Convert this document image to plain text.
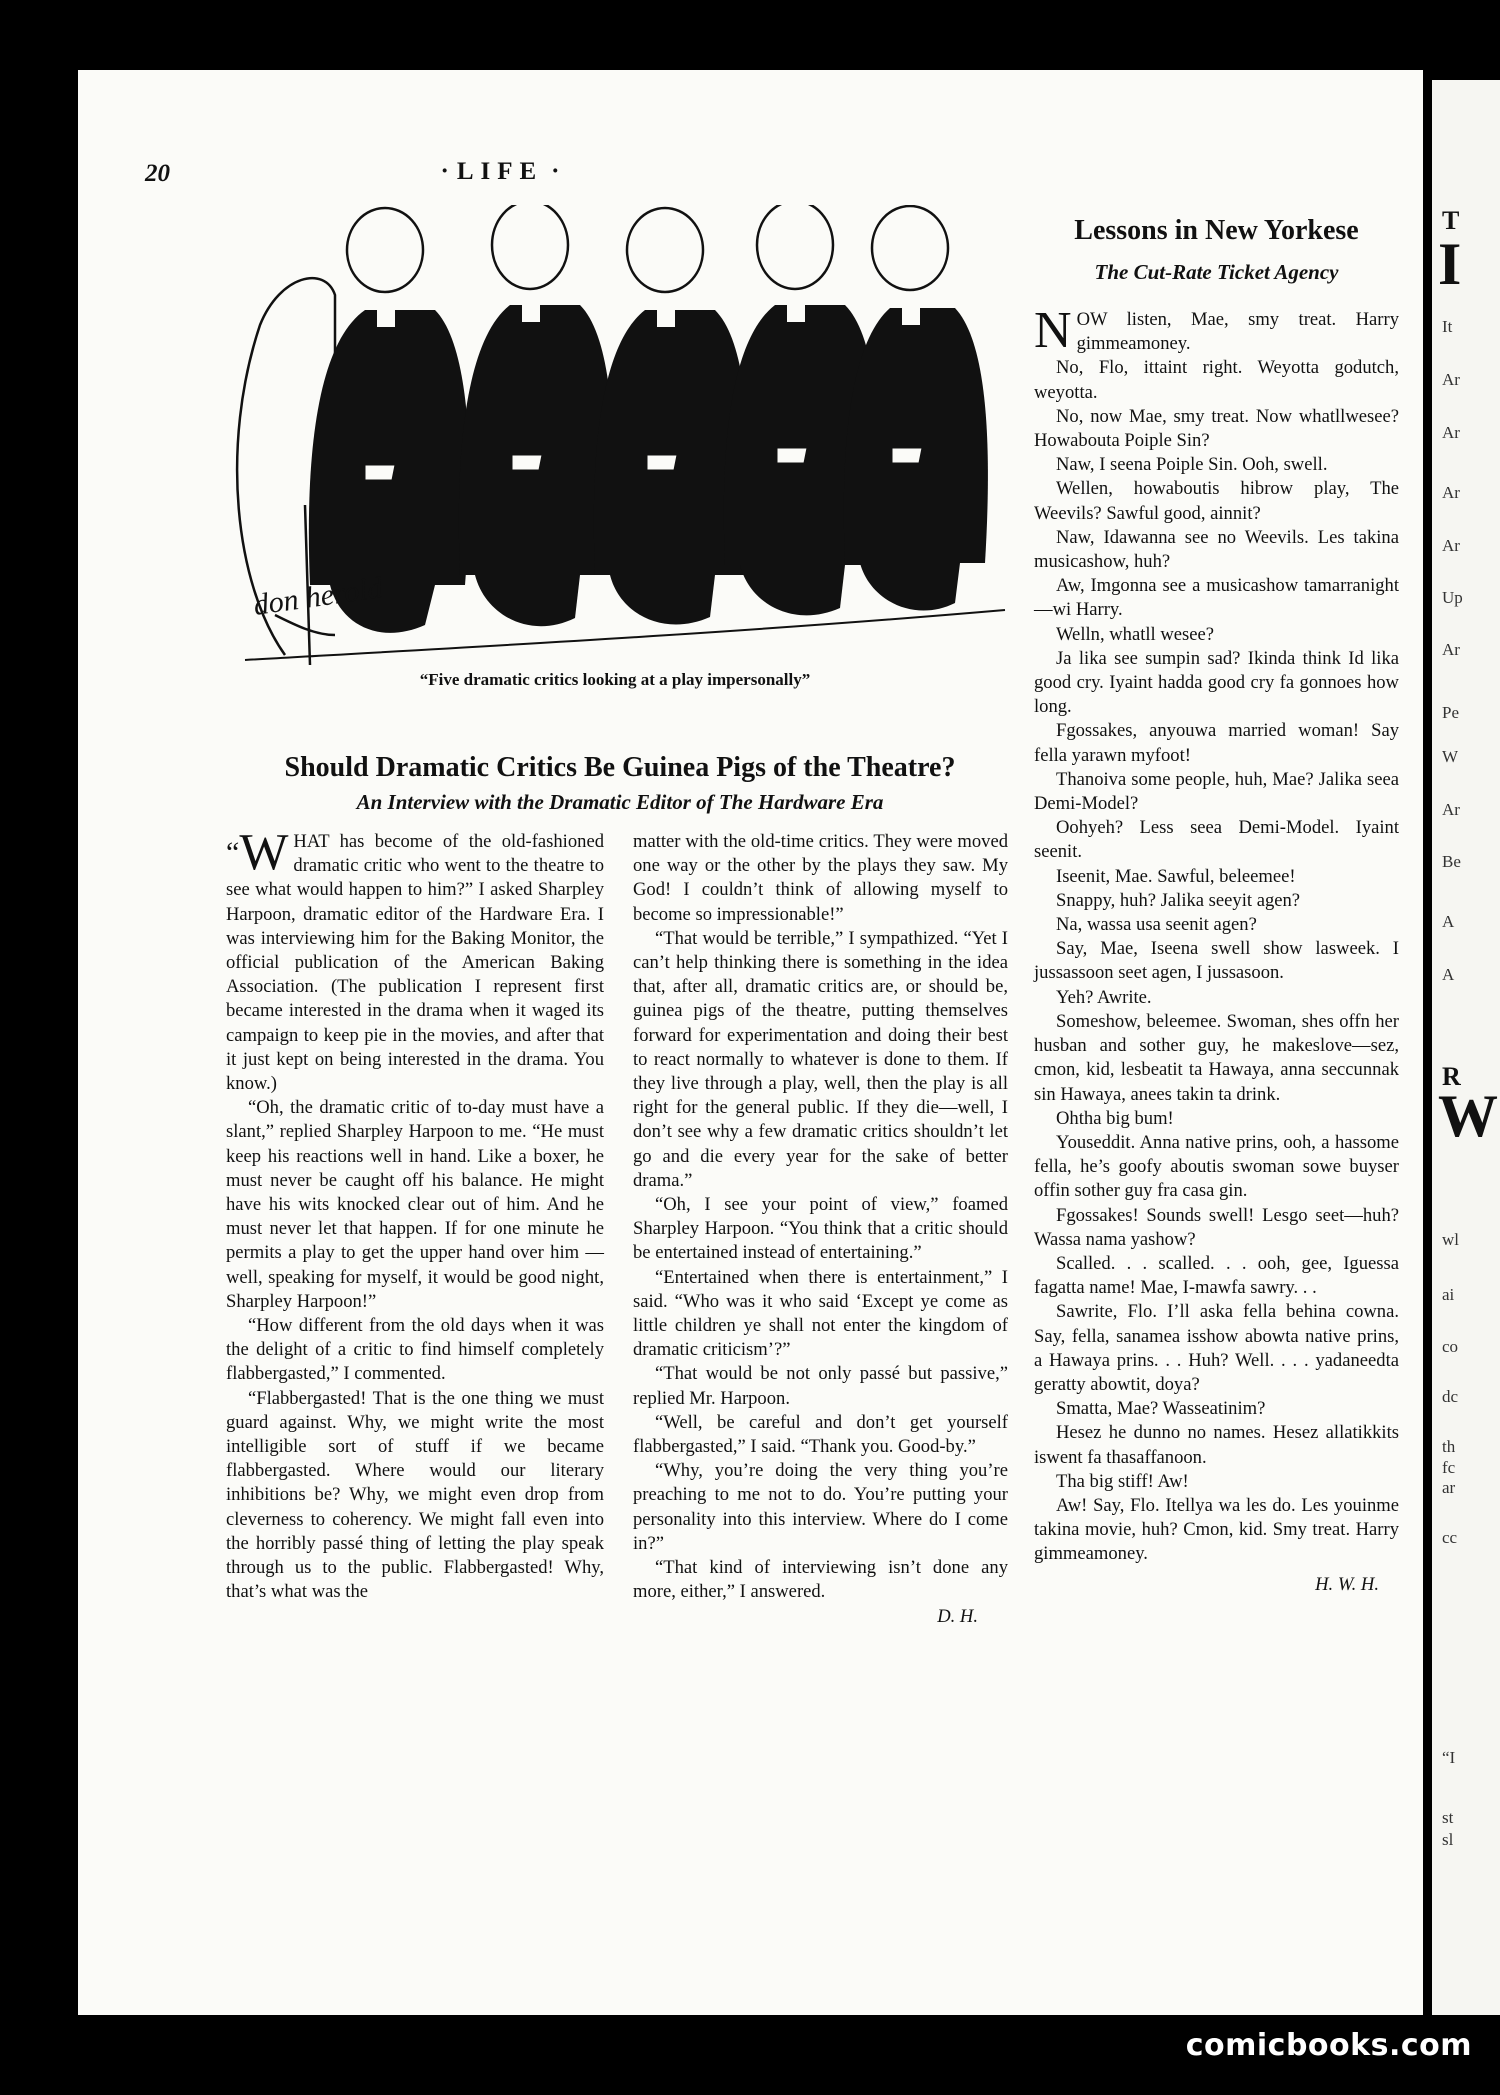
T
I
It
Ar
Ar
Ar
Ar
Up
Ar
Pe
W
Ar
Be
A
A
R
W
wl
ai
co
dc
th
fc
ar
cc
“I
st
sl
20	· LIFE ·
don herold
“Five dramatic critics looking at a play impersonally”
Should Dramatic Critics Be Guinea Pigs of the Theatre?
An Interview with the Dramatic Editor of The Hardware Era

“W HAT has become of the old-fashioned dramatic critic who went to the theatre to see what would happen to him?” I asked Sharpley Harpoon, dramatic editor of the Hardware Era. I was interviewing him for the Baking Monitor, the official publication of the American Baking Association. (The publication I represent first became interested in the drama when it waged its campaign to keep pie in the movies, and after that it just kept on being interested in the drama. You know.)

“Oh, the dramatic critic of to-day must have a slant,” replied Sharpley Harpoon to me. “He must keep his reactions well in hand. Like a boxer, he must never be caught off his balance. He might have his wits knocked clear out of him. And he must never let that happen. If for one minute he permits a play to get the upper hand over him — well, speaking for myself, it would be good night, Sharpley Harpoon!”

“How different from the old days when it was the delight of a critic to find himself completely flabbergasted,” I commented.

“Flabbergasted! That is the one thing we must guard against. Why, we might write the most intelligible sort of stuff if we became flabbergasted. Where would our literary inhibitions be? Why, we might even drop from cleverness to coherency. We might fall even into the horribly passé thing of letting the play speak through us to the public. Flabbergasted! Why, that’s what was the

matter with the old-time critics. They were moved one way or the other by the plays they saw. My God! I couldn’t think of allowing myself to become so impressionable!”

“That would be terrible,” I sympathized. “Yet I can’t help thinking there is something in the idea that, after all, dramatic critics are, or should be, guinea pigs of the theatre, putting themselves forward for experimentation and doing their best to react normally to whatever is done to them. If they live through a play, well, then the play is all right for the general public. If they die—well, I don’t see why a few dramatic critics shouldn’t let go and die every year for the sake of better drama.”

“Oh, I see your point of view,” foamed Sharpley Harpoon. “You think that a critic should be entertained instead of entertaining.”

“Entertained when there is entertainment,” I said. “Who was it who said ‘Except ye come as little children ye shall not enter the kingdom of dramatic criticism’?”

“That would be not only passé but passive,” replied Mr. Harpoon.

“Well, be careful and don’t get yourself flabbergasted,” I said. “Thank you. Good-by.”

“Why, you’re doing the very thing you’re preaching to me not to do. You’re putting your personality into this interview. Where do I come in?”

“That kind of interviewing isn’t done any more, either,” I answered.

D. H.
Lessons in New Yorkese
The Cut-Rate Ticket Agency

NOW listen, Mae, smy treat. Harry gimmeamoney.

No, Flo, ittaint right. Weyotta godutch, weyotta.

No, now Mae, smy treat. Now whatllwesee? Howabouta Poiple Sin?

Naw, I seena Poiple Sin. Ooh, swell.

Wellen, howaboutis hibrow play, The Weevils? Sawful good, ainnit?

Naw, Idawanna see no Weevils. Les takina musicashow, huh?

Aw, Imgonna see a musicashow tamarranight—wi Harry.

Welln, whatll wesee?

Ja lika see sumpin sad? Ikinda think Id lika good cry. Iyaint hadda good cry fa gonnoes how long.

Fgossakes, anyouwa married woman! Say fella yarawn myfoot!

Thanoiva some people, huh, Mae? Jalika seea Demi-Model?

Oohyeh? Less seea Demi-Model. Iyaint seenit.

Iseenit, Mae. Sawful, beleemee!

Snappy, huh? Jalika seeyit agen?

Na, wassa usa seenit agen?

Say, Mae, Iseena swell show lasweek. I jussassoon seet agen, I jussasoon.

Yeh? Awrite.

Someshow, beleemee. Swoman, shes offn her husban and sother guy, he makeslove—sez, cmon, kid, lesbeatit ta Hawaya, anna seccunnak sin Hawaya, anees takin ta drink.

Ohtha big bum!

Youseddit. Anna native prins, ooh, a hassome fella, he’s goofy aboutis swoman sowe buyser offin sother guy fra casa gin.

Fgossakes! Sounds swell! Lesgo seet—huh? Wassa nama yashow?

Scalled. . . scalled. . . ooh, gee, Iguessa fagatta name! Mae, I-mawfa sawry. . .

Sawrite, Flo. I’ll aska fella behina cowna. Say, fella, sanamea isshow abowta native prins, a Hawaya prins. . . Huh? Well. . . . yadaneedta geratty abowtit, doya?

Smatta, Mae? Wasseatinim?

Hesez he dunno no names. Hesez allatikkits iswent fa thasaffanoon.

Tha big stiff! Aw!

Aw! Say, Flo. Itellya wa les do. Les youinme takina movie, huh? Cmon, kid. Smy treat. Harry gimmeamoney.

H. W. H.
comicbooks.com
